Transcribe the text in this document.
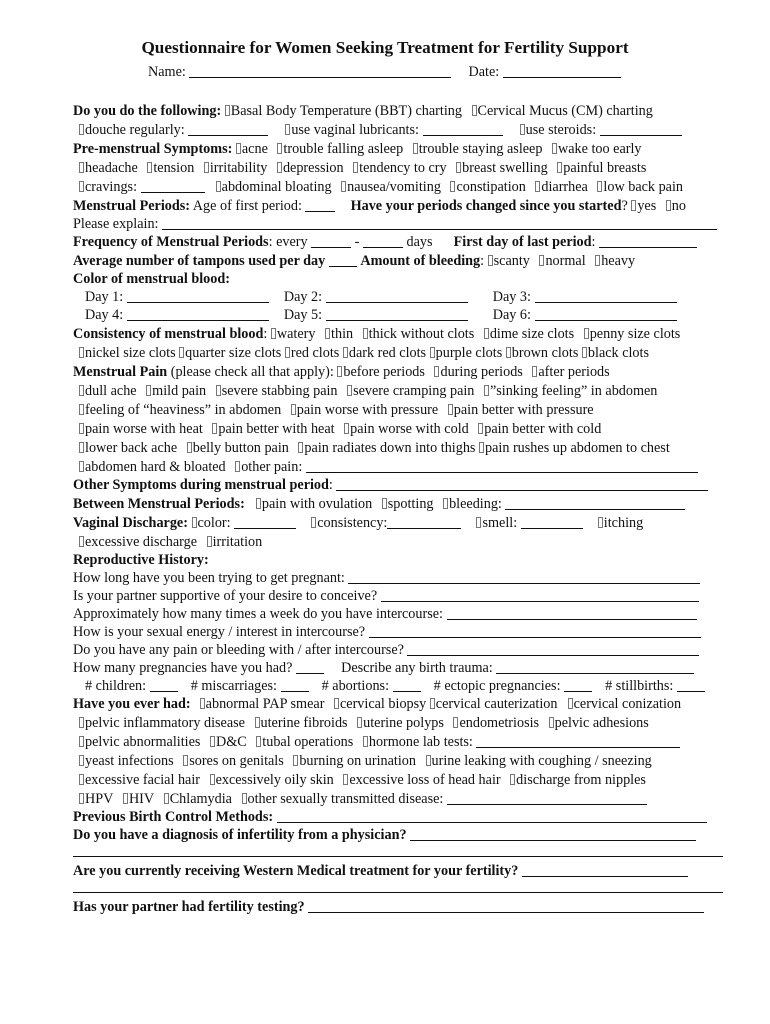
Questionnaire for Women Seeking Treatment for Fertility Support
Name:	Date:
Do you do the following: Basal Body Temperature (BBT) charting Cervical Mucus (CM) charting
douche regularly:	use vaginal lubricants:	use steroids:
Pre-menstrual Symptoms: acne trouble falling asleep trouble staying asleep wake too early
headache tension irritability depression tendency to cry breast swelling painful breasts
cravings:	abdominal bloating nausea/vomiting constipation diarrhea low back pain
Menstrual Periods: Age of first period:	Have your periods changed since you started? yes no
Please explain:
Frequency of Menstrual Periods: every	-	days First day of last period:
Average number of tampons used per day Amount of bleeding: scanty normal heavy
Color of menstrual blood:
Day 1:	Day 2:	Day 3:
Day 4:	Day 5:	Day 6:
Consistency of menstrual blood: watery thin thick without clots dime size clots penny size clots
nickel size clots quarter size clots red clots dark red clots purple clots brown clots black clots
Menstrual Pain (please check all that apply): before periods during periods after periods
dull ache mild pain severe stabbing pain severe cramping pain ”sinking feeling” in abdomen
feeling of “heaviness” in abdomen pain worse with pressure pain better with pressure
pain worse with heat pain better with heat pain worse with cold pain better with cold
lower back ache belly button pain pain radiates down into thighs pain rushes up abdomen to chest
abdomen hard & bloated other pain:
Other Symptoms during menstrual period:
Between Menstrual Periods: pain with ovulation spotting bleeding:
Vaginal Discharge: color:	consistency:	smell:	itching
excessive discharge irritation
Reproductive History:
How long have you been trying to get pregnant:
Is your partner supportive of your desire to conceive?
Approximately how many times a week do you have intercourse:
How is your sexual energy / interest in intercourse?
Do you have any pain or bleeding with / after intercourse?
How many pregnancies have you had?	Describe any birth trauma:
# children:	# miscarriages:	# abortions:	# ectopic pregnancies:	# stillbirths:
Have you ever had: abnormal PAP smear cervical biopsy cervical cauterization cervical conization
pelvic inflammatory disease uterine fibroids uterine polyps endometriosis pelvic adhesions
pelvic abnormalities D&C tubal operations hormone lab tests:
yeast infections sores on genitals burning on urination urine leaking with coughing / sneezing
excessive facial hair excessively oily skin excessive loss of head hair discharge from nipples
HPV HIV Chlamydia other sexually transmitted disease:
Previous Birth Control Methods:
Do you have a diagnosis of infertility from a physician?
Are you currently receiving Western Medical treatment for your fertility?
Has your partner had fertility testing?
